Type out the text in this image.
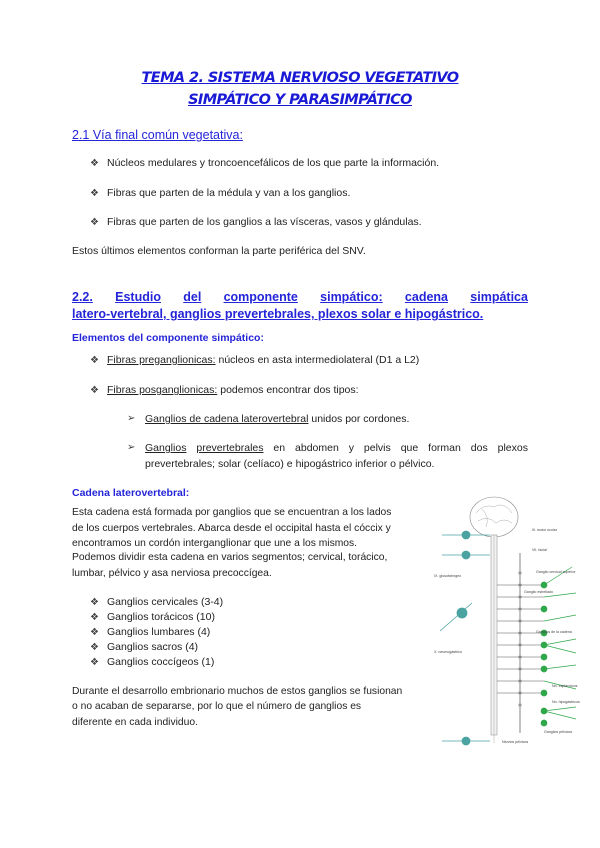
TEMA 2. SISTEMA NERVIOSO VEGETATIVO
SIMPÁTICO Y PARASIMPÁTICO
2.1 Vía final común vegetativa:
❖ Núcleos medulares y troncoencefálicos de los que parte la información.
❖ Fibras que parten de la médula y van a los ganglios.
❖ Fibras que parten de los ganglios a las vísceras, vasos y glándulas.
Estos últimos elementos conforman la parte periférica del SNV.
2.2. Estudio del componente simpático: cadena simpática
latero-vertebral, ganglios prevertebrales, plexos solar e hipogástrico.
Elementos del componente simpático:
❖ Fibras preganglionicas: núcleos en asta intermediolateral (D1 a L2)
❖ Fibras posganglionicas: podemos encontrar dos tipos:
➢ Ganglios de cadena laterovertebral unidos por cordones.
➢ Ganglios prevertebrales en abdomen y pelvis que forman dos plexos
prevertebrales; solar (celíaco) e hipogástrico inferior o pélvico.
Cadena laterovertebral:
Esta cadena está formada por ganglios que se encuentran a los lados
de los cuerpos vertebrales. Abarca desde el occipital hasta el cóccix y
encontramos un cordón interganglionar que une a los mismos.
Podemos dividir esta cadena en varios segmentos; cervical, torácico,
lumbar, pélvico y asa nerviosa precoccígea.
❖ Ganglios cervicales (3-4)
❖ Ganglios torácicos (10)
❖ Ganglios lumbares (4)
❖ Ganglios sacros (4)
❖ Ganglios coccígeos (1)
Durante el desarrollo embrionario muchos de estos ganglios se fusionan
o no acaban de separarse, por lo que el número de ganglios es
diferente en cada individuo.
III. motor ocular
VII. facial
IX. glosofaríngeo
X. neumogástrico
Ganglio cervical superior
Ganglio estrellado
Ganglios de la cadena
Nn. esplácnicos
Nn. hipogástricos
Ganglios pélvicos
Nervios pélvicos
